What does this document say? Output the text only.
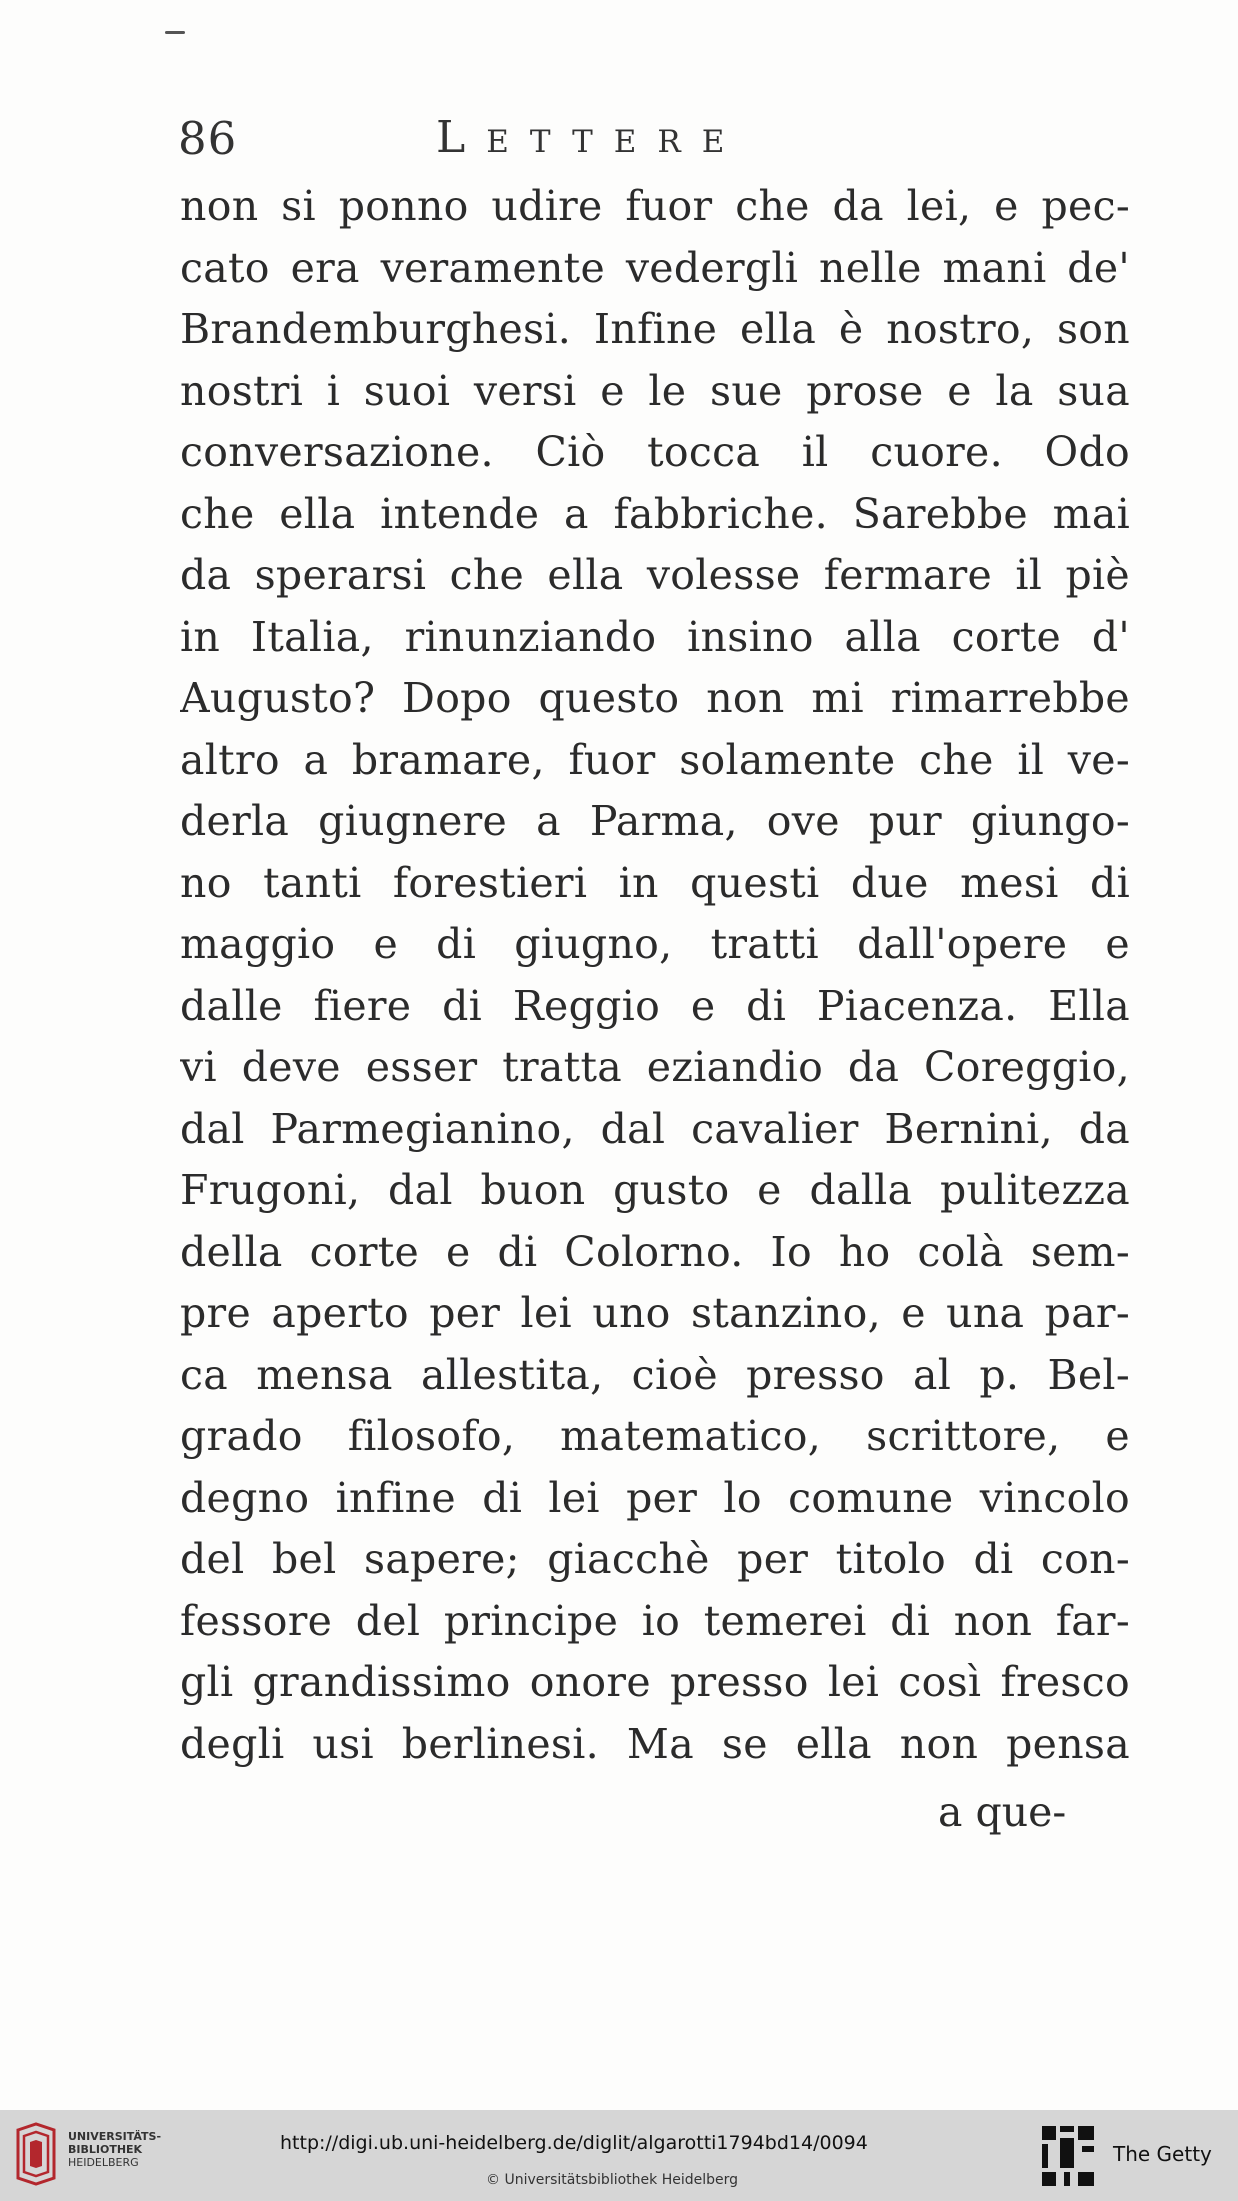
86	Lettere
non si ponno udire fuor che da lei, e pec-
cato era veramente vedergli nelle mani de'
Brandemburghesi. Infine ella è nostro, son
nostri i suoi versi e le sue prose e la sua
conversazione. Ciò tocca il cuore. Odo
che ella intende a fabbriche. Sarebbe mai
da sperarsi che ella volesse fermare il piè
in Italia, rinunziando insino alla corte d'
Augusto? Dopo questo non mi rimarrebbe
altro a bramare, fuor solamente che il ve-
derla giugnere a Parma, ove pur giungo-
no tanti forestieri in questi due mesi di
maggio e di giugno, tratti dall'opere e
dalle fiere di Reggio e di Piacenza. Ella
vi deve esser tratta eziandio da Coreggio,
dal Parmegianino, dal cavalier Bernini, da
Frugoni, dal buon gusto e dalla pulitezza
della corte e di Colorno. Io ho colà sem-
pre aperto per lei uno stanzino, e una par-
ca mensa allestita, cioè presso al p. Bel-
grado filosofo, matematico, scrittore, e
degno infine di lei per lo comune vincolo
del bel sapere; giacchè per titolo di con-
fessore del principe io temerei di non far-
gli grandissimo onore presso lei così fresco
degli usi berlinesi. Ma se ella non pensa
a que-
UNIVERSITÄTS-
BIBLIOTHEK
HEIDELBERG
http://digi.ub.uni-heidelberg.de/diglit/algarotti1794bd14/0094
© Universitätsbibliothek Heidelberg
The Getty
